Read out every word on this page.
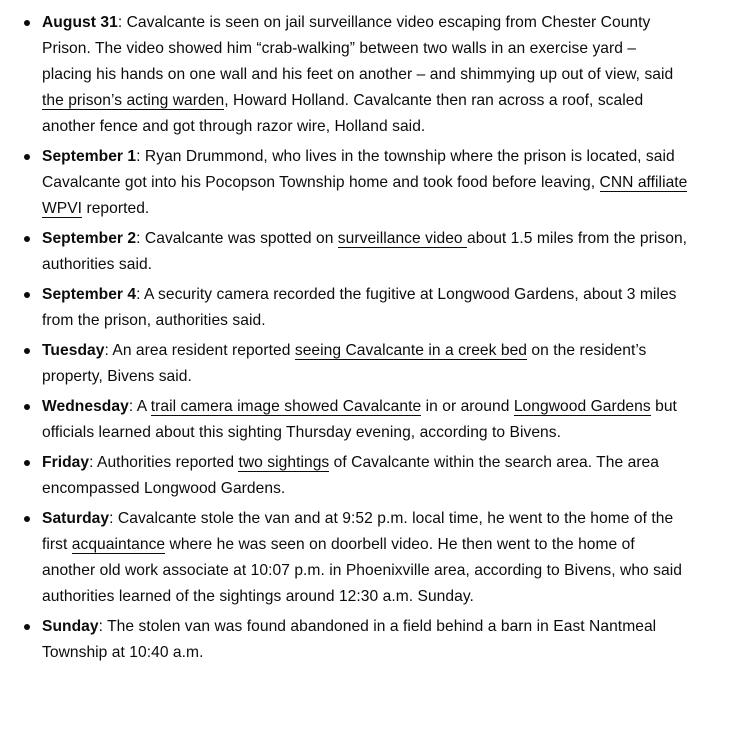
August 31: Cavalcante is seen on jail surveillance video escaping from Chester County Prison. The video showed him “crab-walking” between two walls in an exercise yard – placing his hands on one wall and his feet on another – and shimmying up out of view, said the prison’s acting warden, Howard Holland. Cavalcante then ran across a roof, scaled another fence and got through razor wire, Holland said.
September 1: Ryan Drummond, who lives in the township where the prison is located, said Cavalcante got into his Pocopson Township home and took food before leaving, CNN affiliate WPVI reported.
September 2: Cavalcante was spotted on surveillance video about 1.5 miles from the prison, authorities said.
September 4: A security camera recorded the fugitive at Longwood Gardens, about 3 miles from the prison, authorities said.
Tuesday: An area resident reported seeing Cavalcante in a creek bed on the resident’s property, Bivens said.
Wednesday: A trail camera image showed Cavalcante in or around Longwood Gardens but officials learned about this sighting Thursday evening, according to Bivens.
Friday: Authorities reported two sightings of Cavalcante within the search area. The area encompassed Longwood Gardens.
Saturday: Cavalcante stole the van and at 9:52 p.m. local time, he went to the home of the first acquaintance where he was seen on doorbell video. He then went to the home of another old work associate at 10:07 p.m. in Phoenixville area, according to Bivens, who said authorities learned of the sightings around 12:30 a.m. Sunday.
Sunday: The stolen van was found abandoned in a field behind a barn in East Nantmeal Township at 10:40 a.m.
